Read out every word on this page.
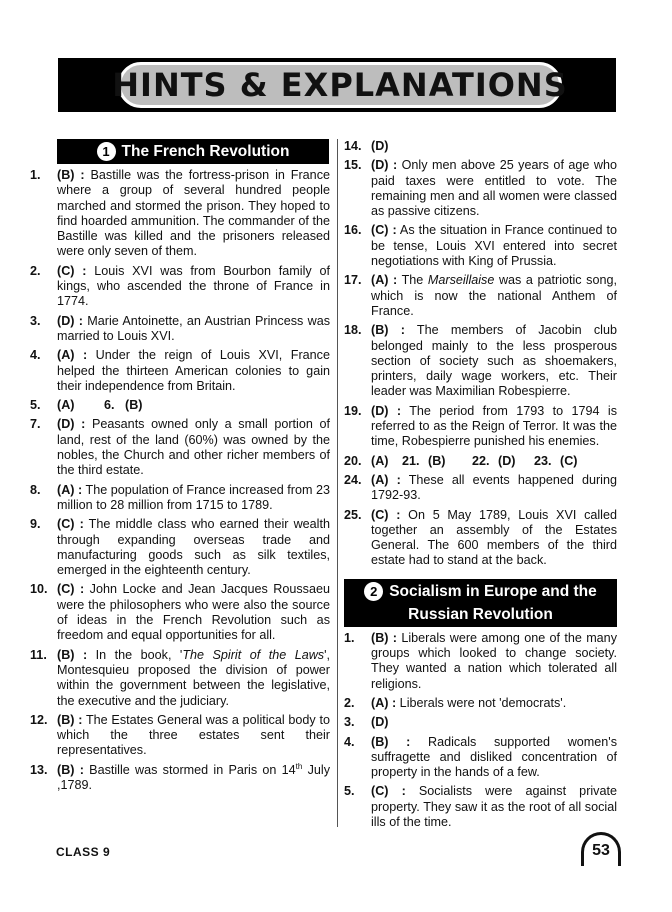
HINTS & EXPLANATIONS
1 The French Revolution
1.	(B) : Bastille was the fortress-prison in France where a group of several hundred people marched and stormed the prison. They hoped to find hoarded ammunition. The commander of the Bastille was killed and the prisoners released were only seven of them.
2.	(C) : Louis XVI was from Bourbon family of kings, who ascended the throne of France in 1774.
3.	(D) : Marie Antoinette, an Austrian Princess was married to Louis XVI.
4.	(A) : Under the reign of Louis XVI, France helped the thirteen American colonies to gain their independence from Britain.
5.	(A)	6. (B)
7.	(D) : Peasants owned only a small portion of land, rest of the land (60%) was owned by the nobles, the Church and other richer members of the third estate.
8.	(A) : The population of France increased from 23 million to 28 million from 1715 to 1789.
9.	(C) : The middle class who earned their wealth through expanding overseas trade and manufacturing goods such as silk textiles, emerged in the eighteenth century.
10. (C) : John Locke and Jean Jacques Roussaeu were the philosophers who were also the source of ideas in the French Revolution such as freedom and equal opportunities for all.
11. (B) : In the book, 'The Spirit of the Laws', Montesquieu proposed the division of power within the government between the legislative, the executive and the judiciary.
12. (B) : The Estates General was a political body to which the three estates sent their representatives.
13. (B) : Bastille was stormed in Paris on 14th July ,1789.
14. (D)
15. (D) : Only men above 25 years of age who paid taxes were entitled to vote. The remaining men and all women were classed as passive citizens.
16. (C) : As the situation in France continued to be tense, Louis XVI entered into secret negotiations with King of Prussia.
17. (A) : The Marseillaise was a patriotic song, which is now the national Anthem of France.
18. (B) : The members of Jacobin club belonged mainly to the less prosperous section of society such as shoemakers, printers, daily wage workers, etc. Their leader was Maximilian Robespierre.
19. (D) : The period from 1793 to 1794 is referred to as the Reign of Terror. It was the time, Robespierre punished his enemies.
20. (A)	21. (B)	22. (D)	23. (C)
24. (A) : These all events happened during 1792-93.
25. (C) : On 5 May 1789, Louis XVI called together an assembly of the Estates General. The 600 members of the third estate had to stand at the back.
2 Socialism in Europe and the
Russian Revolution
1.	(B) : Liberals were among one of the many groups which looked to change society. They wanted a nation which tolerated all religions.
2.	(A) : Liberals were not 'democrats'.
3.	(D)
4.	(B) : Radicals supported women's suffragette and disliked concentration of property in the hands of a few.
5.	(C) : Socialists were against private property. They saw it as the root of all social ills of the time.
CLASS 9	53
